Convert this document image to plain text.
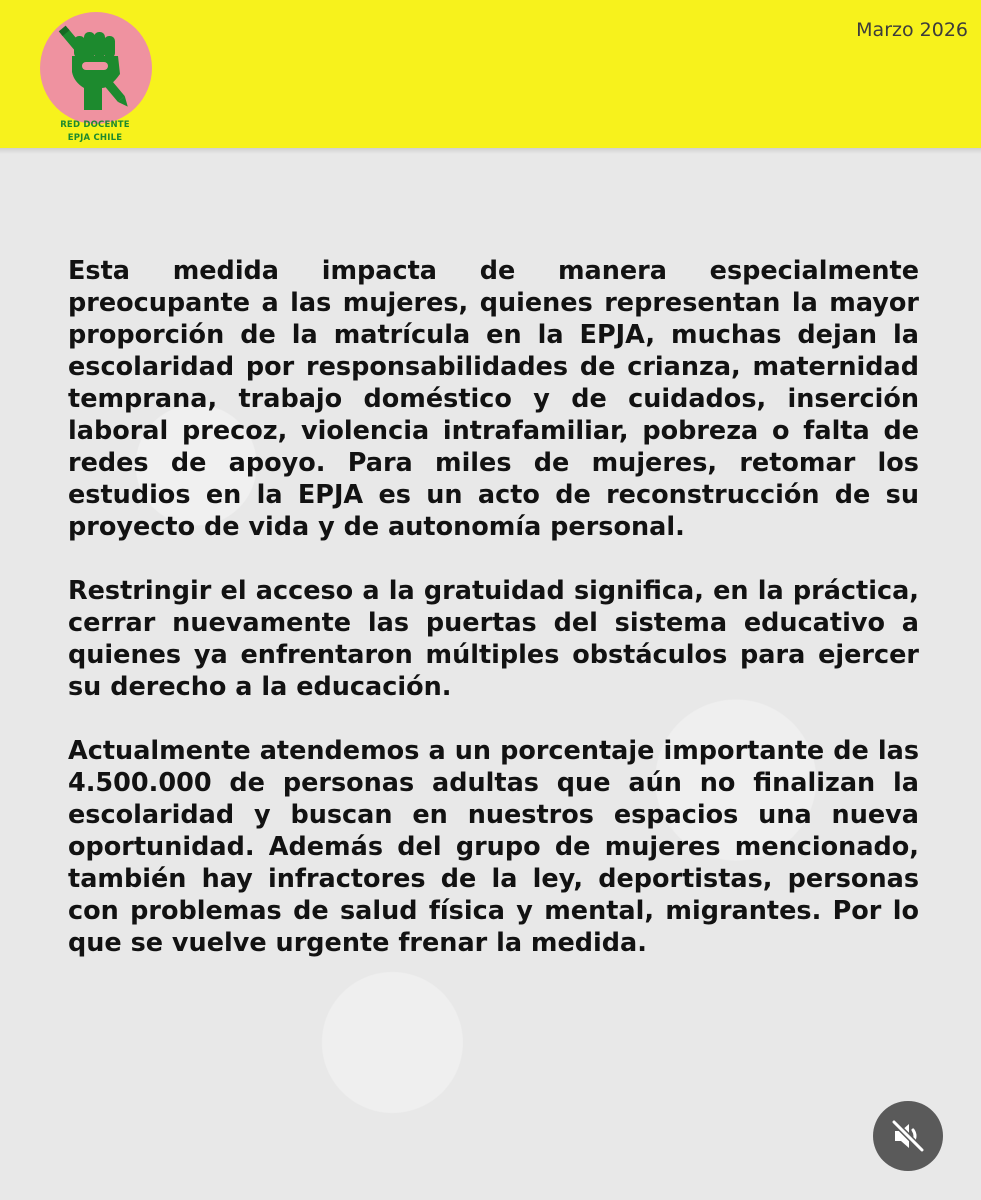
RED DOCENTE
EPJA CHILE
Marzo 2026

Esta medida impacta de manera especialmente preocupante a las mujeres, quienes representan la mayor proporción de la matrícula en la EPJA, muchas dejan la escolaridad por responsabilidades de crianza, maternidad temprana, trabajo doméstico y de cuidados, inserción laboral precoz, violencia intrafamiliar, pobreza o falta de redes de apoyo. Para miles de mujeres, retomar los estudios en la EPJA es un acto de reconstrucción de su proyecto de vida y de autonomía personal.

Restringir el acceso a la gratuidad significa, en la práctica, cerrar nuevamente las puertas del sistema educativo a quienes ya enfrentaron múltiples obstáculos para ejercer su derecho a la educación.

Actualmente atendemos a un porcentaje importante de las 4.500.000 de personas adultas que aún no finalizan la escolaridad y buscan en nuestros espacios una nueva oportunidad. Además del grupo de mujeres mencionado, también hay infractores de la ley, deportistas, personas con problemas de salud física y mental, migrantes. Por lo que se vuelve urgente frenar la medida.
